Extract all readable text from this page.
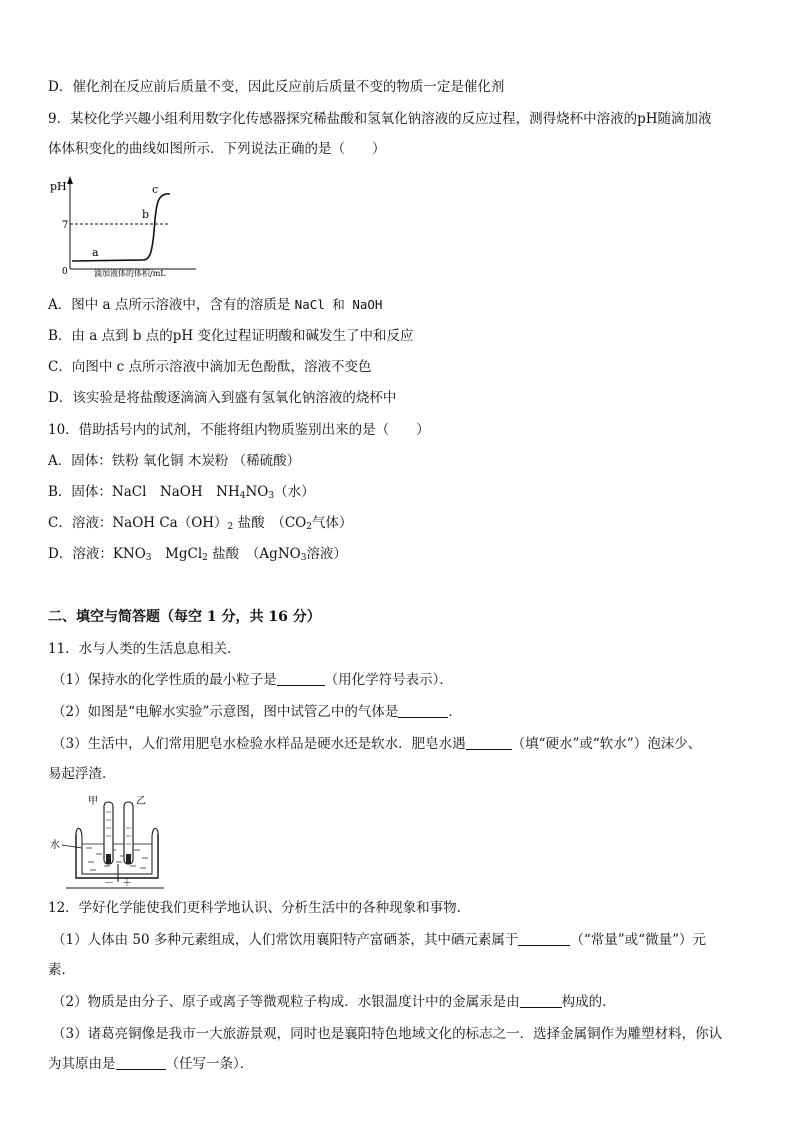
D．催化剂在反应前后质量不变，因此反应前后质量不变的物质一定是催化剂
9．某校化学兴趣小组利用数字化传感器探究稀盐酸和氢氧化钠溶液的反应过程，测得烧杯中溶液的pH随滴加液
体体积变化的曲线如图所示．下列说法正确的是（　　）
pH
7
0
a
b
c
滴加液体的体积/mL
A．图中 a 点所示溶液中，含有的溶质是 NaCl 和 NaOH
B．由 a 点到 b 点的pH 变化过程证明酸和碱发生了中和反应
C．向图中 c 点所示溶液中滴加无色酚酞，溶液不变色
D．该实验是将盐酸逐滴滴入到盛有氢氧化钠溶液的烧杯中
10．借助括号内的试剂，不能将组内物质鉴别出来的是（　　）
A．固体：铁粉 氧化铜 木炭粉 （稀硫酸）
B．固体：NaCl　NaOH　$NH_4NO_3$（水）
C．溶液：NaOH $Ca(OH)_2$ 盐酸　（$CO_2$气体）
D．溶液：$KNO_3$　MgCl$_2$ 盐酸　（AgNO$_3$溶液）
二、填空与简答题（每空 1 分，共 16 分）
11．水与人类的生活息息相关．
（1）保持水的化学性质的最小粒子是	（用化学符号表示）．
（2）如图是“电解水实验”示意图，图中试管乙中的气体是	．
（3）生活中，人们常用肥皂水检验水样品是硬水还是软水．肥皂水遇	（填“硬水”或“软水”）泡沫少、
易起浮渣．
甲	乙
水
－ ＋
12．学好化学能使我们更科学地认识、分析生活中的各种现象和事物．
（1）人体由 50 多种元素组成，人们常饮用襄阳特产富硒茶，其中硒元素属于	（“常量”或“微量”）元
素．
（2）物质是由分子、原子或离子等微观粒子构成．水银温度计中的金属汞是由	构成的．
（3）诸葛亮铜像是我市一大旅游景观，同时也是襄阳特色地域文化的标志之一．选择金属铜作为雕塑材料，你认
为其原由是	（任写一条）．
